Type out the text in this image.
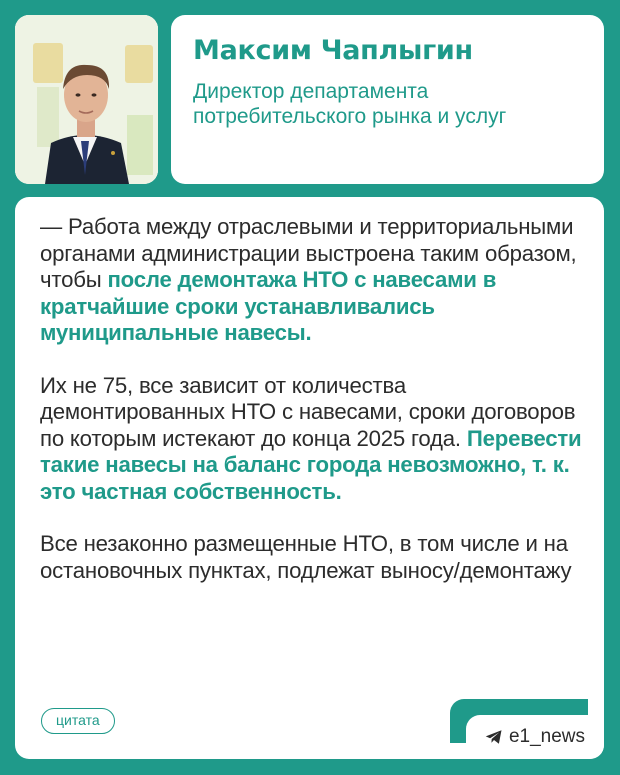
Максим Чаплыгин
Директор департамента
потребительского рынка и услуг

— Работа между отраслевыми и территориальными органами администрации выстроена таким образом, чтобы после демонтажа НТО с навесами в кратчайшие сроки устанавливались муниципальные навесы.

Их не 75, все зависит от количества демонтированных НТО с навесами, сроки договоров по которым истекают до конца 2025 года. Перевести такие навесы на баланс города невозможно, т. к. это частная собственность.

Все незаконно размещенные НТО, в том числе и на остановочных пунктах, подлежат выносу/демонтажу

цитата
e1_news
